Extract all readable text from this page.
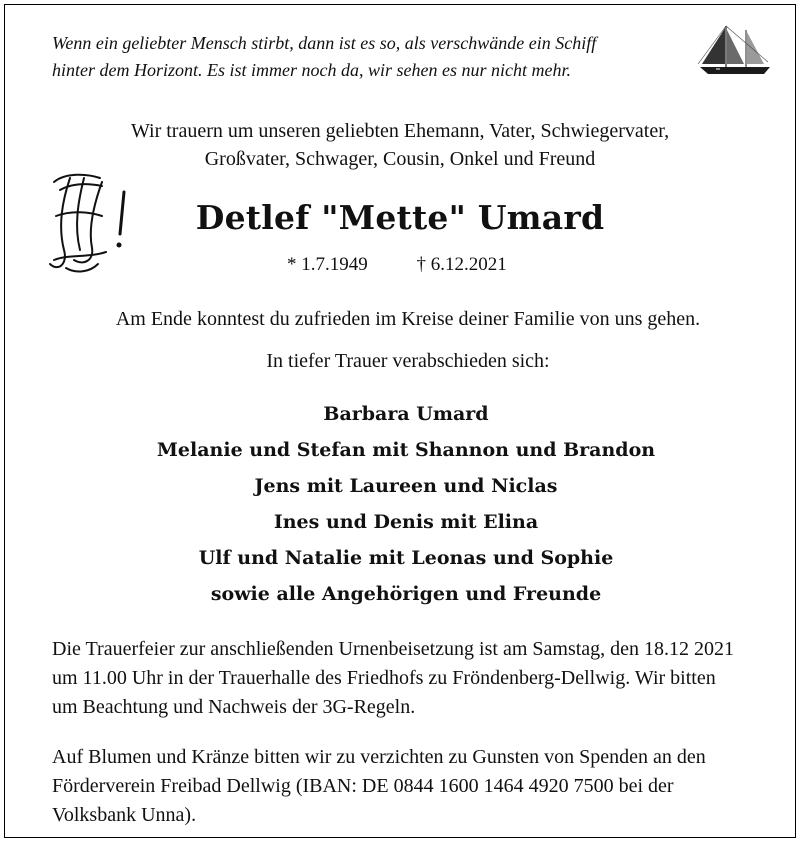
Wenn ein geliebter Mensch stirbt, dann ist es so, als verschwände ein Schiff
hinter dem Horizont. Es ist immer noch da, wir sehen es nur nicht mehr.
Wir trauern um unseren geliebten Ehemann, Vater, Schwiegervater,
Großvater, Schwager, Cousin, Onkel und Freund
Detlef "Mette" Umard
* 1.7.1949	† 6.12.2021
Am Ende konntest du zufrieden im Kreise deiner Familie von uns gehen.
In tiefer Trauer verabschieden sich:
Barbara Umard
Melanie und Stefan mit Shannon und Brandon
Jens mit Laureen und Niclas
Ines und Denis mit Elina
Ulf und Natalie mit Leonas und Sophie
sowie alle Angehörigen und Freunde
Die Trauerfeier zur anschließenden Urnenbeisetzung ist am Samstag, den 18.12 2021
um 11.00 Uhr in der Trauerhalle des Friedhofs zu Fröndenberg-Dellwig. Wir bitten
um Beachtung und Nachweis der 3G-Regeln.
Auf Blumen und Kränze bitten wir zu verzichten zu Gunsten von Spenden an den
Förderverein Freibad Dellwig (IBAN: DE 0844 1600 1464 4920 7500 bei der
Volksbank Unna).
